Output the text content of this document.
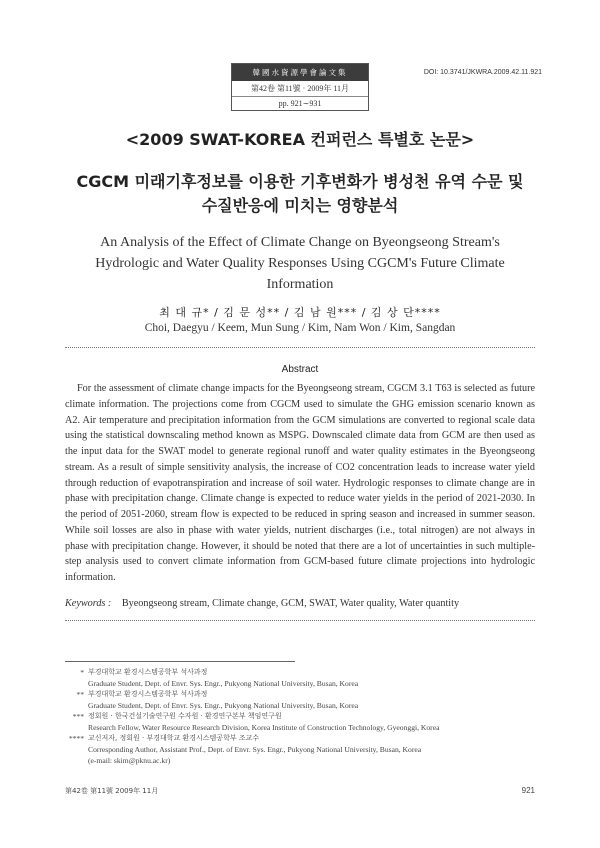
韓國水資源學會論文集
第42卷 第11號 · 2009年 11月
pp. 921∼931
DOI: 10.3741/JKWRA.2009.42.11.921
<2009 SWAT-KOREA 컨퍼런스 특별호 논문>
CGCM 미래기후정보를 이용한 기후변화가 병성천 유역 수문 및
수질반응에 미치는 영향분석
An Analysis of the Effect of Climate Change on Byeongseong Stream's
Hydrologic and Water Quality Responses Using CGCM's Future Climate
Information
최 대 규* / 김 문 성** / 김 남 원*** / 김 상 단****
Choi, Daegyu / Keem, Mun Sung / Kim, Nam Won / Kim, Sangdan
Abstract

For the assessment of climate change impacts for the Byeongseong stream, CGCM 3.1 T63 is selected as future climate information. The projections come from CGCM used to simulate the GHG emission scenario known as A2. Air temperature and precipitation information from the GCM simulations are converted to regional scale data using the statistical downscaling method known as MSPG. Downscaled climate data from GCM are then used as the input data for the SWAT model to generate regional runoff and water quality estimates in the Byeongseong stream. As a result of simple sensitivity analysis, the increase of CO2 concentration leads to increase water yield through reduction of evapotranspiration and increase of soil water. Hydrologic responses to climate change are in phase with precipitation change. Climate change is expected to reduce water yields in the period of 2021-2030. In the period of 2051-2060, stream flow is expected to be reduced in spring season and increased in summer season. While soil losses are also in phase with water yields, nutrient discharges (i.e., total nitrogen) are not always in phase with precipitation change. However, it should be noted that there are a lot of uncertainties in such multiple-step analysis used to convert climate information from GCM-based future climate projections into hydrologic information.

Keywords : Byeongseong stream, Climate change, GCM, SWAT, Water quality, Water quantity
* 부경대학교 환경시스템공학부 석사과정
Graduate Student, Dept. of Envr. Sys. Engr., Pukyong National University, Busan, Korea
** 부경대학교 환경시스템공학부 석사과정
Graduate Student, Dept. of Envr. Sys. Engr., Pukyong National University, Busan, Korea
*** 정회원 · 한국건설기술연구원 수자원 · 환경연구본부 책임연구원
Research Fellow, Water Resource Research Division, Korea Institute of Construction Technology, Gyeonggi, Korea
**** 교신저자, 정회원 · 부경대학교 환경시스템공학부 조교수
Corresponding Author, Assistant Prof., Dept. of Envr. Sys. Engr., Pukyong National University, Busan, Korea
(e-mail: skim@pknu.ac.kr)
第42卷 第11號 2009年 11月	921
